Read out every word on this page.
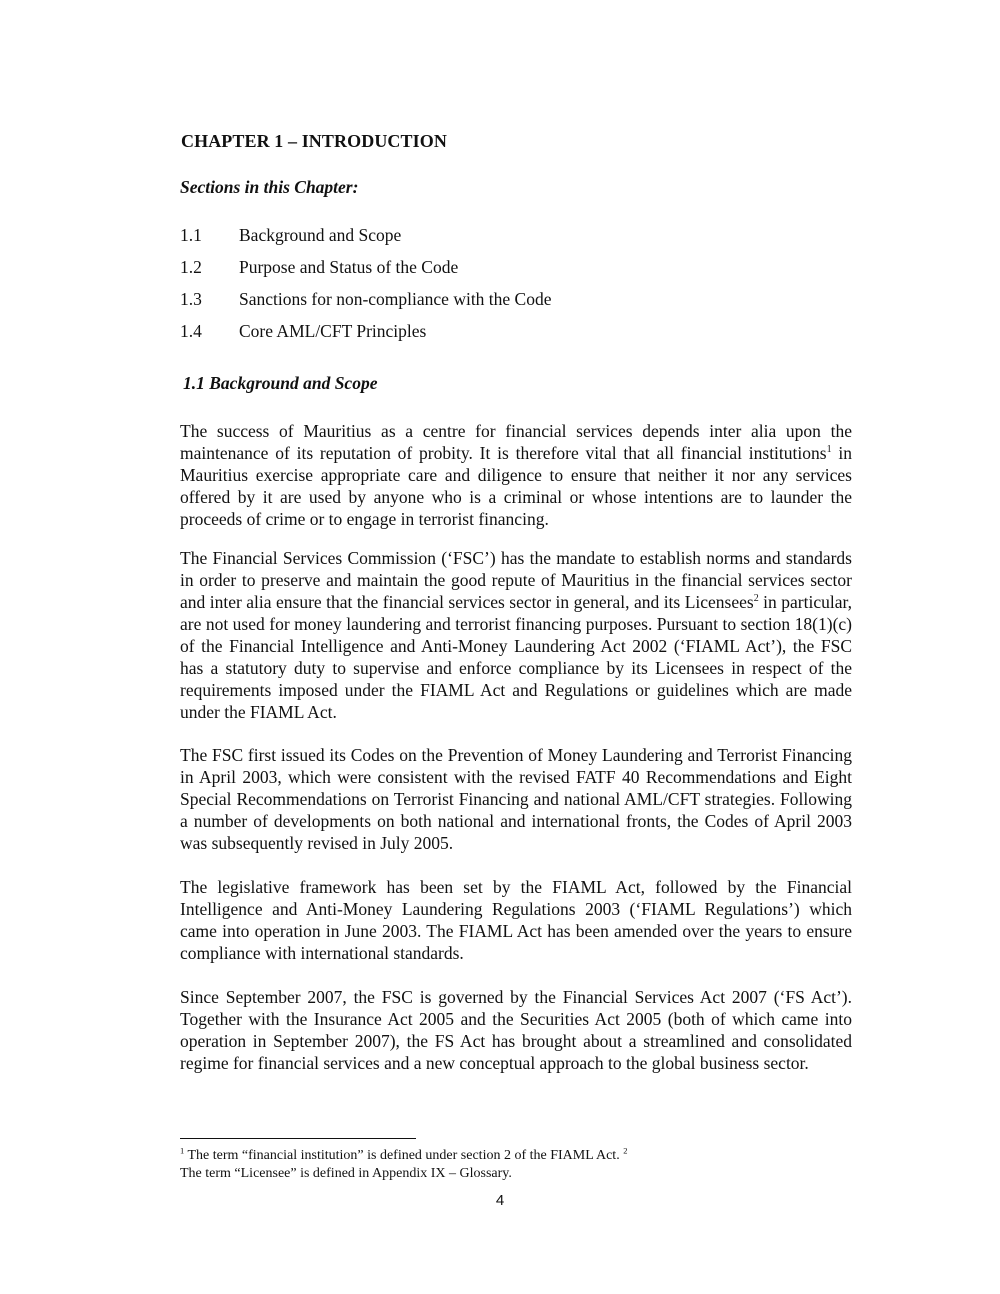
CHAPTER 1 – INTRODUCTION
Sections in this Chapter:
1.1	Background and Scope
1.2	Purpose and Status of the Code
1.3	Sanctions for non-compliance with the Code
1.4	Core AML/CFT Principles
1.1 Background and Scope

The success of Mauritius as a centre for financial services depends inter alia upon the maintenance of its reputation of probity. It is therefore vital that all financial institutions$^1$ in Mauritius exercise appropriate care and diligence to ensure that neither it nor any services offered by it are used by anyone who is a criminal or whose intentions are to launder the proceeds of crime or to engage in terrorist financing.

The Financial Services Commission (‘FSC’) has the mandate to establish norms and standards in order to preserve and maintain the good repute of Mauritius in the financial services sector and inter alia ensure that the financial services sector in general, and its Licensees$^2$ in particular, are not used for money laundering and terrorist financing purposes. Pursuant to section 18(1)(c) of the Financial Intelligence and Anti-Money Laundering Act 2002 (‘FIAML Act’), the FSC has a statutory duty to supervise and enforce compliance by its Licensees in respect of the requirements imposed under the FIAML Act and Regulations or guidelines which are made under the FIAML Act.

The FSC first issued its Codes on the Prevention of Money Laundering and Terrorist Financing in April 2003, which were consistent with the revised FATF 40 Recommendations and Eight Special Recommendations on Terrorist Financing and national AML/CFT strategies. Following a number of developments on both national and international fronts, the Codes of April 2003 was subsequently revised in July 2005.

The legislative framework has been set by the FIAML Act, followed by the Financial Intelligence and Anti-Money Laundering Regulations 2003 (‘FIAML Regulations’) which came into operation in June 2003. The FIAML Act has been amended over the years to ensure compliance with international standards.

Since September 2007, the FSC is governed by the Financial Services Act 2007 (‘FS Act’). Together with the Insurance Act 2005 and the Securities Act 2005 (both of which came into operation in September 2007), the FS Act has brought about a streamlined and consolidated regime for financial services and a new conceptual approach to the global business sector.

$^1$ The term “financial institution” is defined under section 2 of the FIAML Act. $^2$
The term “Licensee” is defined in Appendix IX – Glossary.
4
